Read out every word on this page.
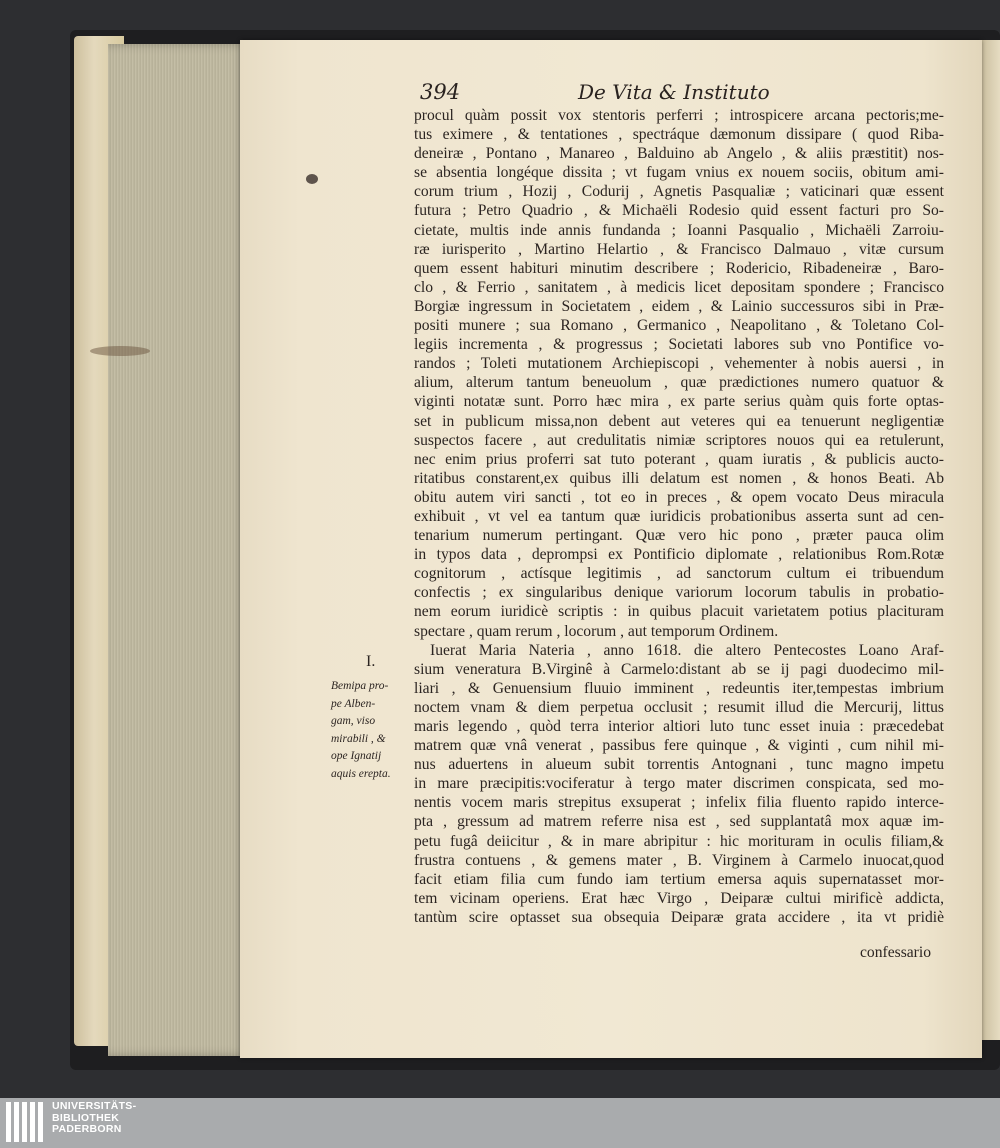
394	De Vita & Instituto
procul quàm possit vox stentoris perferri ; introspicere arcana pectoris;me-
tus eximere , & tentationes , spectráque dæmonum dissipare ( quod Riba-
deneiræ , Pontano , Manareo , Balduino ab Angelo , & aliis præstitit) nos-
se absentia longéque dissita ; vt fugam vnius ex nouem sociis, obitum ami-
corum trium , Hozij , Codurij , Agnetis Pasqualiæ ; vaticinari quæ essent
futura ; Petro Quadrio , & Michaëli Rodesio quid essent facturi pro So-
cietate, multis inde annis fundanda ; Ioanni Pasqualio , Michaëli Zarroiu-
ræ iurisperito , Martino Helartio , & Francisco Dalmauo , vitæ cursum
quem essent habituri minutim describere ; Rodericio, Ribadeneiræ , Baro-
clo , & Ferrio , sanitatem , à medicis licet depositam spondere ; Francisco
Borgiæ ingressum in Societatem , eidem , & Lainio successuros sibi in Præ-
positi munere ; sua Romano , Germanico , Neapolitano , & Toletano Col-
legiis incrementa , & progressus ; Societati labores sub vno Pontifice vo-
randos ; Toleti mutationem Archiepiscopi , vehementer à nobis auersi , in
alium, alterum tantum beneuolum , quæ prædictiones numero quatuor &
viginti notatæ sunt. Porro hæc mira , ex parte serius quàm quis forte optas-
set in publicum missa,non debent aut veteres qui ea tenuerunt negligentiæ
suspectos facere , aut credulitatis nimiæ scriptores nouos qui ea retulerunt,
nec enim prius proferri sat tuto poterant , quam iuratis , & publicis aucto-
ritatibus constarent,ex quibus illi delatum est nomen , & honos Beati. Ab
obitu autem viri sancti , tot eo in preces , & opem vocato Deus miracula
exhibuit , vt vel ea tantum quæ iuridicis probationibus asserta sunt ad cen-
tenarium numerum pertingant. Quæ vero hic pono , præter pauca olim
in typos data , deprompsi ex Pontificio diplomate , relationibus Rom.Rotæ
cognitorum , actísque legitimis , ad sanctorum cultum ei tribuendum
confectis ; ex singularibus denique variorum locorum tabulis in probatio-
nem eorum iuridicè scriptis : in quibus placuit varietatem potius placituram
spectare , quam rerum , locorum , aut temporum Ordinem.
Iuerat Maria Nateria , anno 1618. die altero Pentecostes Loano Araf-
sium veneratura B.Virginê à Carmelo:distant ab se ij pagi duodecimo mil-
liari , & Genuensium fluuio imminent , redeuntis iter,tempestas imbrium
noctem vnam & diem perpetua occlusit ; resumit illud die Mercurij, littus
maris legendo , quòd terra interior altiori luto tunc esset inuia : præcedebat
matrem quæ vnâ venerat , passibus fere quinque , & viginti , cum nihil mi-
nus aduertens in alueum subit torrentis Antognani , tunc magno impetu
in mare præcipitis:vociferatur à tergo mater discrimen conspicata, sed mo-
nentis vocem maris strepitus exsuperat ; infelix filia fluento rapido interce-
pta , gressum ad matrem referre nisa est , sed supplantatâ mox aquæ im-
petu fugâ deiicitur , & in mare abripitur : hic morituram in oculis filiam,&
frustra contuens , & gemens mater , B. Virginem à Carmelo inuocat,quod
facit etiam filia cum fundo iam tertium emersa aquis supernatasset mor-
tem vicinam operiens. Erat hæc Virgo , Deiparæ cultui mirificè addicta,
tantùm scire optasset sua obsequia Deiparæ grata accidere , ita vt pridiè
I.
Bemipa pro-
pe Alben-
gam, viso
mirabili , &
ope Ignatij
aquis erepta.
confessario
UNIVERSITÄTS-
BIBLIOTHEK
PADERBORN
